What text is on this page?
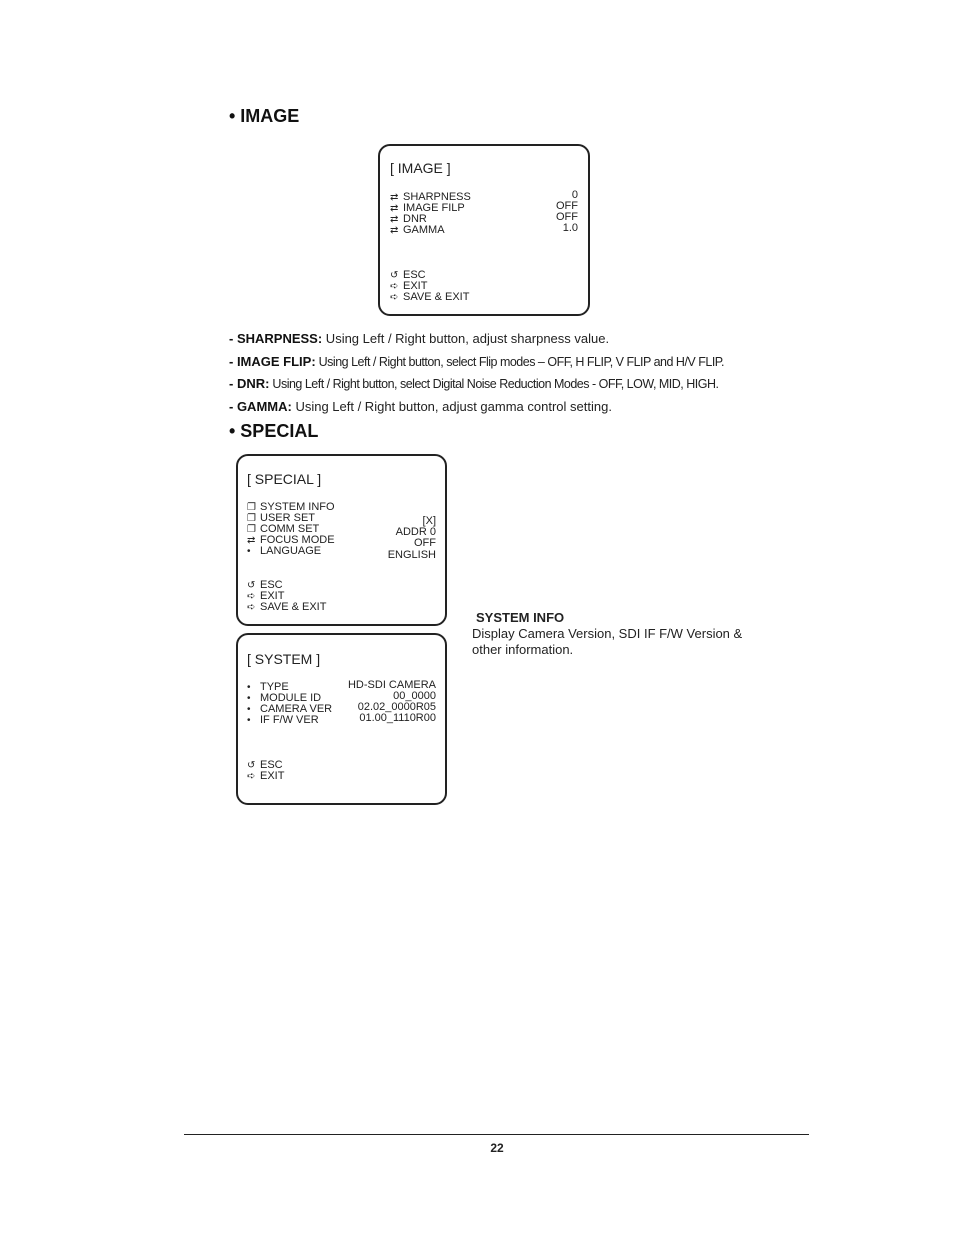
• IMAGE
[ IMAGE ]
⇄ SHARPNESS	0
⇄ IMAGE FILP	OFF
⇄ DNR	OFF
⇄ GAMMA	1.0
↺ ESC
➪ EXIT
➪ SAVE & EXIT
- SHARPNESS: Using Left / Right button, adjust sharpness value.
- IMAGE FLIP: Using Left / Right button, select Flip modes – OFF, H FLIP, V FLIP and H/V FLIP.
- DNR: Using Left / Right button, select Digital Noise Reduction Modes - OFF, LOW, MID, HIGH.
- GAMMA: Using Left / Right button, adjust gamma control setting.
• SPECIAL
[ SPECIAL ]
❐ SYSTEM INFO
❐ USER SET	[X]
❐ COMM SET	ADDR 0
⇄ FOCUS MODE	OFF
• LANGUAGE	ENGLISH
↺ ESC
➪ EXIT
➪ SAVE & EXIT
[ SYSTEM ]
• TYPE	HD-SDI CAMERA
• MODULE ID	00_0000
• CAMERA VER 02.02_0000R05
• IF F/W VER	01.00_1110R00
↺ ESC
➪ EXIT
SYSTEM INFO
Display Camera Version, SDI IF F/W Version &
other information.
22
